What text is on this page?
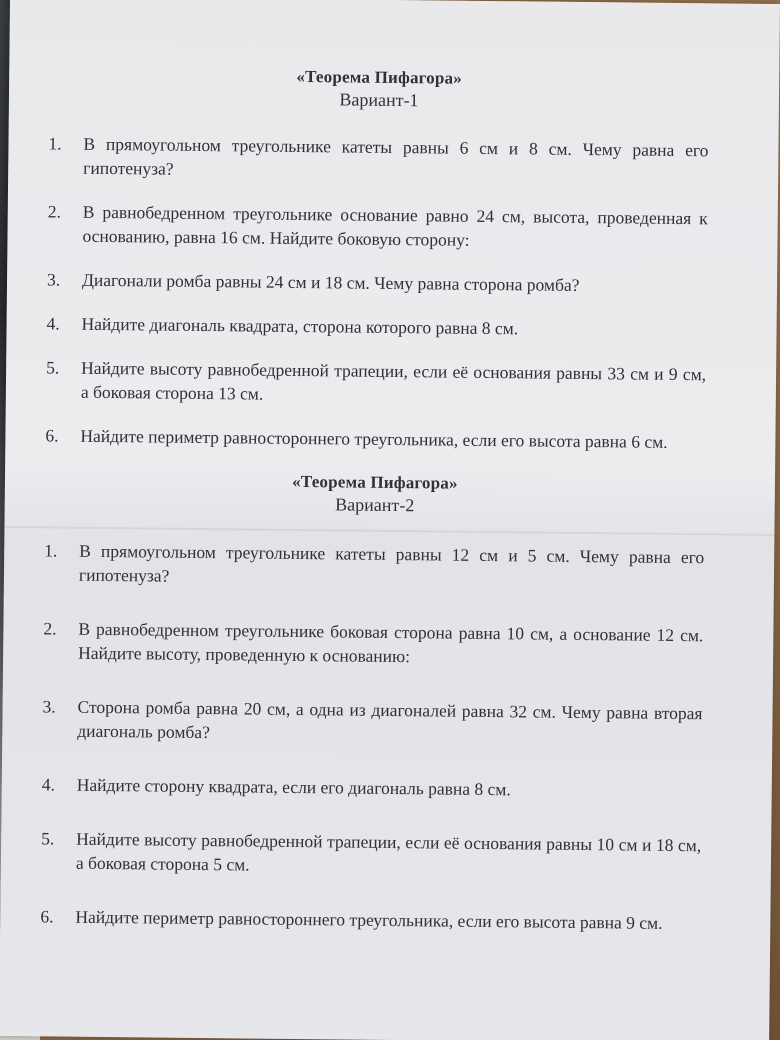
«Теорема Пифагора»

Вариант-1

1.	В прямоугольном треугольнике катеты равны 6 см и 8 см. Чему равна его гипотенуза?
2.	В равнобедренном треугольнике основание равно 24 см, высота, проведенная к основанию, равна 16 см. Найдите боковую сторону:
3.	Диагонали ромба равны 24 см и 18 см. Чему равна сторона ромба?
4.	Найдите диагональ квадрата, сторона которого равна 8 см.
5.	Найдите высоту равнобедренной трапеции, если её основания равны 33 см и 9 см, а боковая сторона 13 см.
6.	Найдите периметр равностороннего треугольника, если его высота равна 6 см.

«Теорема Пифагора»

Вариант-2

1.	В прямоугольном треугольнике катеты равны 12 см и 5 см. Чему равна его гипотенуза?
2.	В равнобедренном треугольнике боковая сторона равна 10 см, а основание 12 см. Найдите высоту, проведенную к основанию:
3.	Сторона ромба равна 20 см, а одна из диагоналей равна 32 см. Чему равна вторая диагональ ромба?
4.	Найдите сторону квадрата, если его диагональ равна 8 см.
5.	Найдите высоту равнобедренной трапеции, если её основания равны 10 см и 18 см, а боковая сторона 5 см.
6.	Найдите периметр равностороннего треугольника, если его высота равна 9 см.
